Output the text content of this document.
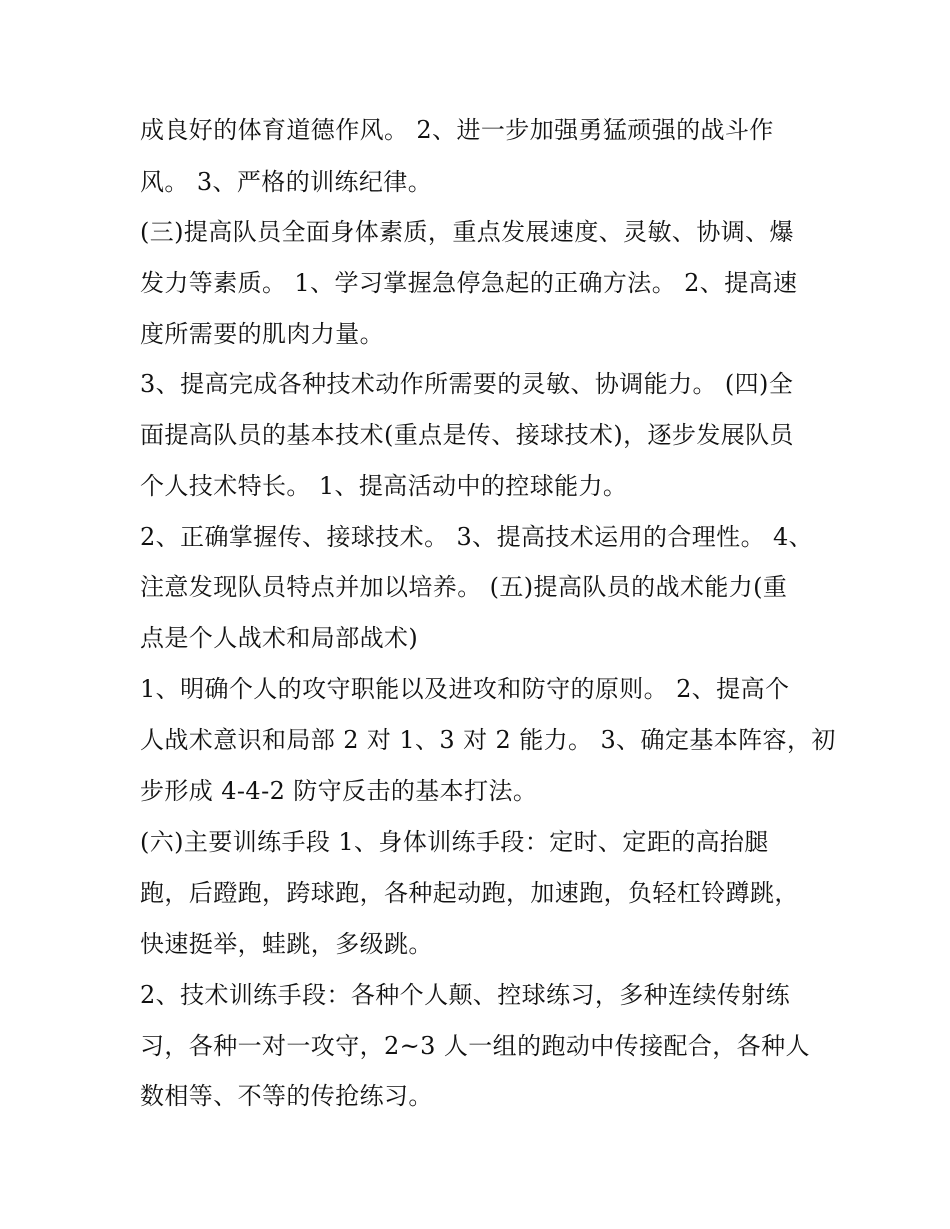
成良好的体育道德作风。 2、进一步加强勇猛顽强的战斗作
风。 3、严格的训练纪律。
(三)提高队员全面身体素质，重点发展速度、灵敏、协调、爆
发力等素质。 1、学习掌握急停急起的正确方法。 2、提高速
度所需要的肌肉力量。
3、提高完成各种技术动作所需要的灵敏、协调能力。 (四)全
面提高队员的基本技术(重点是传、接球技术)，逐步发展队员
个人技术特长。 1、提高活动中的控球能力。
2、正确掌握传、接球技术。 3、提高技术运用的合理性。 4、
注意发现队员特点并加以培养。 (五)提高队员的战术能力(重
点是个人战术和局部战术)
1、明确个人的攻守职能以及进攻和防守的原则。 2、提高个
人战术意识和局部 2 对 1、3 对 2 能力。 3、确定基本阵容，初
步形成 4-4-2 防守反击的基本打法。
(六)主要训练手段 1、身体训练手段：定时、定距的高抬腿
跑，后蹬跑，跨球跑，各种起动跑，加速跑，负轻杠铃蹲跳，
快速挺举，蛙跳，多级跳。
2、技术训练手段：各种个人颠、控球练习，多种连续传射练
习，各种一对一攻守，2~3 人一组的跑动中传接配合，各种人
数相等、不等的传抢练习。
